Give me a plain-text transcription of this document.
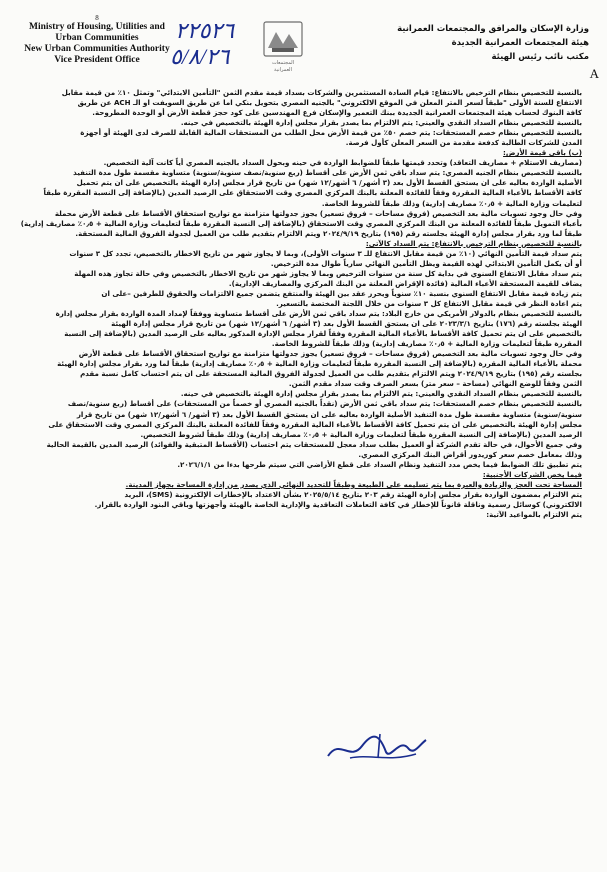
8
Ministry of Housing, Utilities and
Urban Communities
New Urban Communities Authority
Vice President Office
٢٢٥٢٦
٥/٨/٢٦	المجتمعات
العمرانية
وزارة الإسكان والمرافق والمجتمعات العمرانية
هيئة المجتمعات العمرانية الجديدة
مكتب نائب رئيس الهيئة
A
بالنسبة للتخصيص بنظام الترخيص بالانتفاع: قيام السادة المستثمرين والشركات بسداد قيمة مقدم الثمن "التأمين الابتدائي" وتمثل ١٠٪ من قيمة مقابل
الانتفاع للسنة الأولى "طبقاً لسعر المتر المعلن في الموقع الالكتروني" بالجنيه المصري بتحويل بنكي اما عن طريق السويفت او الـ ACH عن طريق
كافة البنوك لحساب هيئة المجتمعات العمرانية الجديدة ببنك التعمير والإسكان فرع المهندسين على كود حجز قطعة الأرض أو الوحدة المطروحة.
بالنسبة للتخصيص بنظام السداد النقدي والعيني: يتم الالتزام بما يصدر بقرار مجلس إدارة الهيئة بالتخصيص في حينه.
بالنسبة للتخصيص بنظام خصم المستحقات: يتم خصم ٥٠٪ من قيمة الأرض محل الطلب من المستحقات المالية القابلة للصرف لدى الهيئة أو أجهزة
المدن للشركات الطالبة كدفعة مقدمة من السعر المعلن كأول فرصة.
(ب) باقي قيمة الأرض:
(مصاريف الاستلام + مصاريف التعاقد) وتحدد قيمتها طبقاً للضوابط الواردة في حينه وبحول السداد بالجنيه المصري أياً كانت آلية التخصيص.
بالنسبة للتخصيص بنظام الجنيه المصري: يتم سداد باقي ثمن الأرض على أقساط (ربع سنوية/نصف سنوية/سنوية) متساوية مقسمة طول مدة التنفيذ
الأصلية الواردة بعاليه على ان يستحق القسط الأول بعد (٣ أشهر/ ٦ أشهر/١٢ شهر) من تاريخ قرار مجلس إدارة الهيئة بالتخصيص على ان يتم تحميل
كافة الأقساط بالأعباء المالية المقررة وفقاً للفائدة المعلنة بالبنك المركزي المصري وقت الاستحقاق على الرصيد المدين (بالإضافة إلى النسبة المقررة طبقاً
لتعليمات وزارة المالية + ٠٫٥٪ مصاريف إدارية) وذلك طبقاً للشروط الخاصة.
وفي حال وجود تسويات مالية بعد التخصيص (فروق مساحات – فروق تسعير) يجوز جدولتها متزامنة مع تواريخ استحقاق الأقساط على قطعة الأرض محملة
بأعباء التمويل طبقاً للفائدة المعلنة من البنك المركزي المصري وقت الاستحقاق (بالإضافة إلى النسبة المقررة طبقاً لتعليمات وزارة المالية + ٠٫٥٪ مصاريف إدارية)
طبقاً لما ورد بقرار مجلس إدارة الهيئة بجلسته رقم (١٩٥) بتاريخ ٢٠٢٤/٩/١٩ ويتم الالتزام بتقديم طلب من العميل لجدولة الفروق المالية المستحقة.
بالنسبة للتخصيص بنظام الترخيص بالانتفاع: يتم السداد كالآتي:
يتم سداد قيمة التأمين النهائي (١٠٪ من قيمة مقابل الانتفاع للـ ٣ سنوات الأولى)، وبما لا يجاوز شهر من تاريخ الاخطار بالتخصيص، تجدد كل ٣ سنوات
أو أن يكمل التأمين الابتدائي لهذه القيمة ويظل التأمين النهائي سارياً طوال مدة الترخيص.
يتم سداد مقابل الانتفاع السنوي في بداية كل سنة من سنوات الترخيص وبما لا يجاوز شهر من تاريخ الاخطار بالتخصيص وفي حالة تجاوز هذه المهلة
يضاف للقيمة المستحقة الأعباء المالية (فائدة الإقراض المعلنة من البنك المركزي والمصاريف الإدارية).
يتم زيادة قيمة مقابل الانتفاع السنوي بنسبة ١٠٪ سنوياً ويحرر عقد بين الهيئة والمنتفع يتضمن جميع الالتزامات والحقوق للطرفين –على ان
يتم اعادة النظر في قيمة مقابل الانتفاع كل ٣ سنوات من خلال اللجنة المختصة بالتسعير.
بالنسبة للتخصيص بنظام بالدولار الأمريكي من خارج البلاد: يتم سداد باقي ثمن الأرض على أقساط متساوية ووفقاً لإمداد المدة الواردة بقرار مجلس إدارة
الهيئة بجلسته رقم (١٧٦) بتاريخ ٢٠٢٣/٣/١ على ان يستحق القسط الأول بعد (٣ أشهر/ ٦ أشهر/١٢ شهر) من تاريخ قرار مجلس إدارة الهيئة
بالتخصيص على ان يتم تحميل كافة الأقساط بالأعباء المالية المقررة وفقاً لقرار مجلس الإدارة المذكور بعاليه على الرصيد المدين (بالإضافة إلى النسبة
المقررة طبقاً لتعليمات وزارة المالية + ٠٫٥٪ مصاريف إدارية) وذلك طبقاً للشروط الخاصة.
وفي حال وجود تسويات مالية بعد التخصيص (فروق مساحات – فروق تسعير) يجوز جدولتها متزامنة مع تواريخ استحقاق الأقساط على قطعة الأرض
محملة بالأعباء المالية المقررة (بالإضافة إلى النسبة المقررة طبقاً لتعليمات وزارة المالية + ٠٫٥٪ مصاريف إدارية) طبقاً لما ورد بقرار مجلس إدارة الهيئة
بجلسته رقم (١٩٥) بتاريخ ٢٠٢٤/٩/١٩ ويتم الالتزام بتقديم طلب من العميل لجدولة الفروق المالية المستحقة على ان يتم احتساب كامل نسبة مقدم
الثمن وفقاً للوضع النهائي (مساحة – سعر متر) بسعر الصرف وقت سداد مقدم الثمن.
بالنسبة للتخصيص بنظام السداد النقدي والعيني: يتم الالتزام بما يصدر بقرار مجلس إدارة الهيئة بالتخصيص في حينه.
بالنسبة للتخصيص بنظام خصم المستحقات: يتم سداد باقي ثمن الأرض (نقداً بالجنيه المصري أو خصماً من المستحقات) على أقساط (ربع سنوية/نصف
سنوية/سنوية) متساوية مقسمة طول مدة التنفيذ الأصلية الواردة بعاليه على ان يستحق القسط الأول بعد (٣ أشهر/ ٦ أشهر/١٢ شهر) من تاريخ قرار
مجلس إدارة الهيئة بالتخصيص على ان يتم تحميل كافة الأقساط بالأعباء المالية المقررة وفقاً للفائدة المعلنة بالبنك المركزي المصري وقت الاستحقاق على
الرصيد المدين (بالإضافة إلى النسبة المقررة طبقاً لتعليمات وزارة المالية + ٠٫٥٪ مصاريف إدارية) وذلك طبقاً لشروط التخصيص.
وفي جميع الأحوال، في حالة تقدم الشركة أو العميل بطلب سداد معجل للمستحقات يتم احتساب (الأقساط المتبقية والفوائد) الرصيد المدين بالقيمة الحالية
وذلك بمعامل خصم سعر كوريدور أقراض البنك المركزي المصري.
يتم تطبيق تلك الضوابط فيما يخص مدد التنفيذ ونظام السداد على قطع الأراضي التي سيتم طرحها بدءا من ٢٠٢٦/١/١.
فيما يخص الشركات الأجنبية:
المساحة تحت العجز والزيادة والعبرة بما يتم تسليمه على الطبيعة وطبقاً للتحديد النهائي الذي يصدر من إدارة المساحة بجهاز المدينة.
يتم الالتزام بمضمون الواردة بقرار مجلس إدارة الهيئة رقم ٢٠٣ بتاريخ ٢٠٢٥/٥/١٤ بشأن الاعتداد بالإخطارات الإلكترونية (SMS)، البريد
الالكتروني) كوسائل رسمية وناقلة قانوناً للإخطار في كافة التعاملات التعاقدية والإدارية الخاصة بالهيئة وأجهزتها وباقي البنود الواردة بالقرار.
يتم الالتزام بالمواعيد الآتية:
